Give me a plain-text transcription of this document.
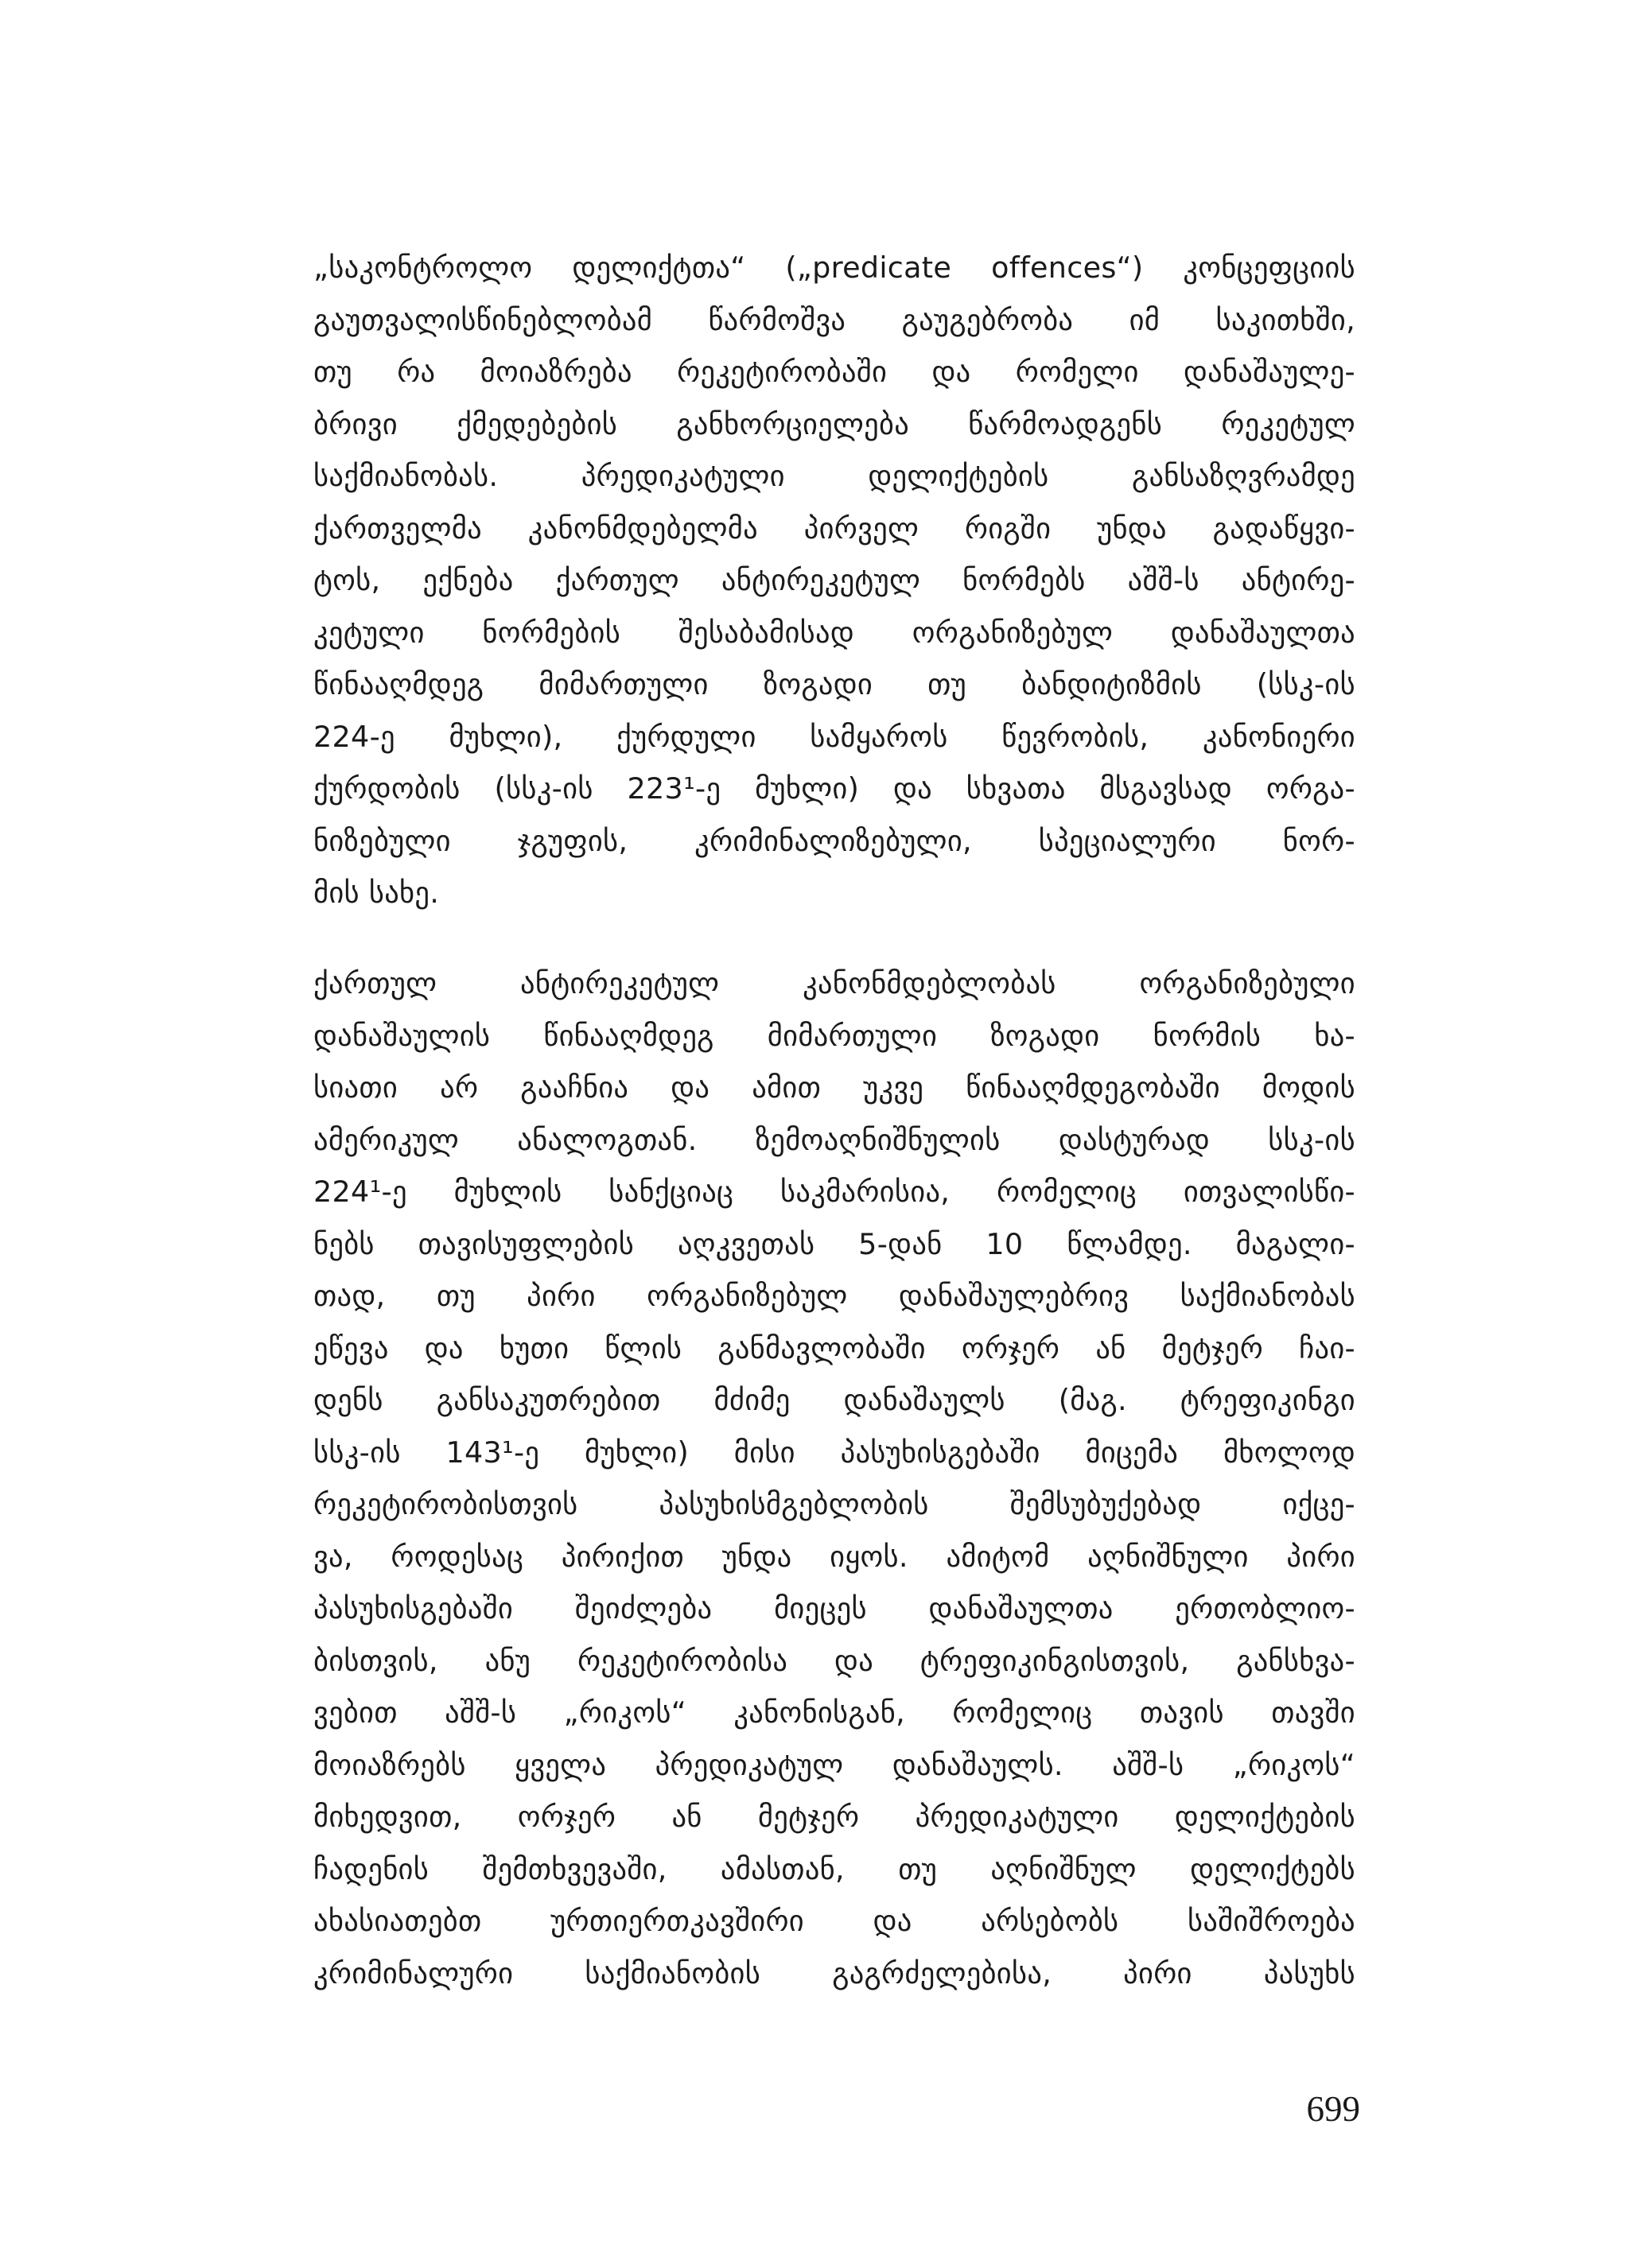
„საკონტროლო დელიქტთა“ („predicate offences“) კონცეფციის
გაუთვალისწინებლობამ წარმოშვა გაუგებრობა იმ საკითხში,
თუ რა მოიაზრება რეკეტირობაში და რომელი დანაშაულე-
ბრივი ქმედებების განხორციელება წარმოადგენს რეკეტულ
საქმიანობას. პრედიკატული დელიქტების განსაზღვრამდე
ქართველმა კანონმდებელმა პირველ რიგში უნდა გადაწყვი-
ტოს, ექნება ქართულ ანტირეკეტულ ნორმებს აშშ-ს ანტირე-
კეტული ნორმების შესაბამისად ორგანიზებულ დანაშაულთა
წინააღმდეგ მიმართული ზოგადი თუ ბანდიტიზმის (სსკ-ის
224-ე მუხლი), ქურდული სამყაროს წევრობის, კანონიერი
ქურდობის (სსკ-ის 223¹-ე მუხლი) და სხვათა მსგავსად ორგა-
ნიზებული ჯგუფის, კრიმინალიზებული, სპეციალური ნორ-
მის სახე.
ქართულ ანტირეკეტულ კანონმდებლობას ორგანიზებული
დანაშაულის წინააღმდეგ მიმართული ზოგადი ნორმის ხა-
სიათი არ გააჩნია და ამით უკვე წინააღმდეგობაში მოდის
ამერიკულ ანალოგთან. ზემოაღნიშნულის დასტურად სსკ-ის
224¹-ე მუხლის სანქციაც საკმარისია, რომელიც ითვალისწი-
ნებს თავისუფლების აღკვეთას 5-დან 10 წლამდე. მაგალი-
თად, თუ პირი ორგანიზებულ დანაშაულებრივ საქმიანობას
ეწევა და ხუთი წლის განმავლობაში ორჯერ ან მეტჯერ ჩაი-
დენს განსაკუთრებით მძიმე დანაშაულს (მაგ. ტრეფიკინგი
სსკ-ის 143¹-ე მუხლი) მისი პასუხისგებაში მიცემა მხოლოდ
რეკეტირობისთვის პასუხისმგებლობის შემსუბუქებად იქცე-
ვა, როდესაც პირიქით უნდა იყოს. ამიტომ აღნიშნული პირი
პასუხისგებაში შეიძლება მიეცეს დანაშაულთა ერთობლიო-
ბისთვის, ანუ რეკეტირობისა და ტრეფიკინგისთვის, განსხვა-
ვებით აშშ-ს „რიკოს“ კანონისგან, რომელიც თავის თავში
მოიაზრებს ყველა პრედიკატულ დანაშაულს. აშშ-ს „რიკოს“
მიხედვით, ორჯერ ან მეტჯერ პრედიკატული დელიქტების
ჩადენის შემთხვევაში, ამასთან, თუ აღნიშნულ დელიქტებს
ახასიათებთ ურთიერთკავშირი და არსებობს საშიშროება
კრიმინალური საქმიანობის გაგრძელებისა, პირი პასუხს
699
